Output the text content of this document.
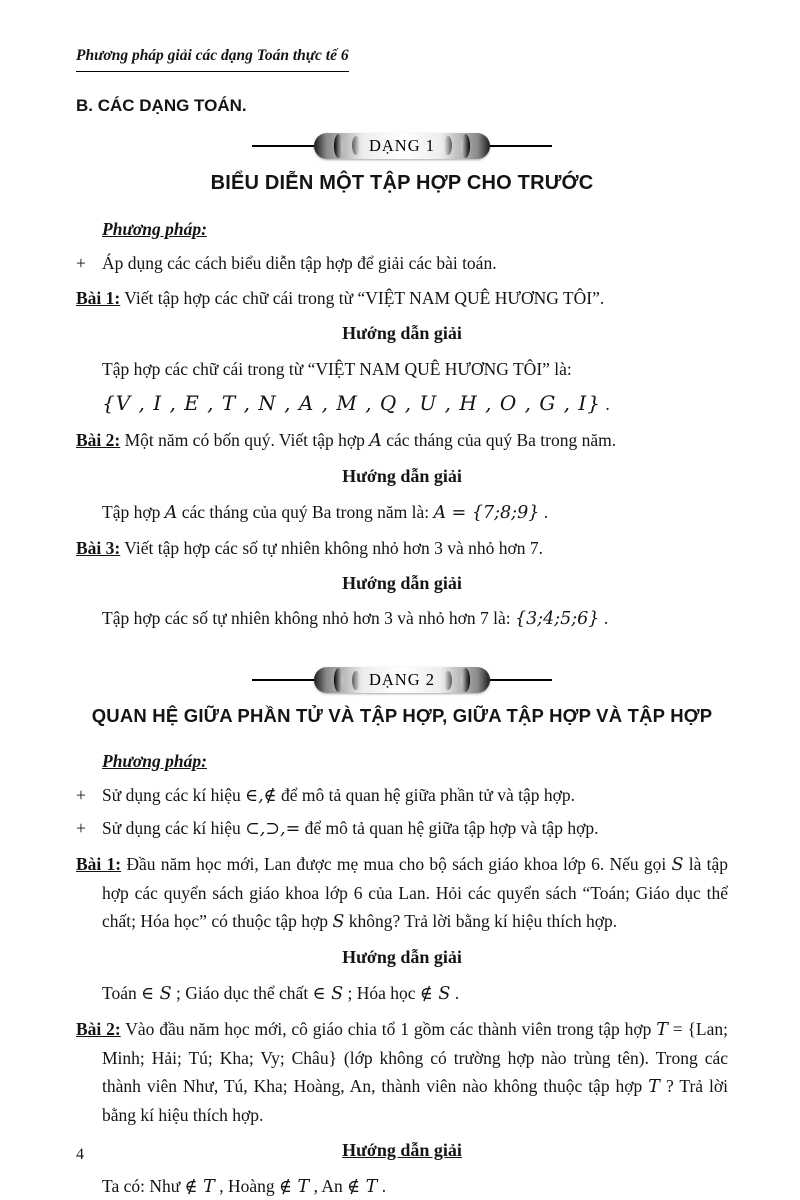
Phương pháp giải các dạng Toán thực tế 6
B. CÁC DẠNG TOÁN.
DẠNG 1
BIỂU DIỄN MỘT TẬP HỢP CHO TRƯỚC
Phương pháp:
+ Áp dụng các cách biểu diễn tập hợp để giải các bài toán.
Bài 1: Viết tập hợp các chữ cái trong từ “VIỆT NAM QUÊ HƯƠNG TÔI”.
Hướng dẫn giải
Tập hợp các chữ cái trong từ “VIỆT NAM QUÊ HƯƠNG TÔI” là:
{V , I , E , T , N , A , M , Q , U , H , O , G , I} .
Bài 2: Một năm có bốn quý. Viết tập hợp A các tháng của quý Ba trong năm.
Hướng dẫn giải
Tập hợp A các tháng của quý Ba trong năm là: A = {7;8;9} .
Bài 3: Viết tập hợp các số tự nhiên không nhỏ hơn 3 và nhỏ hơn 7.
Hướng dẫn giải
Tập hợp các số tự nhiên không nhỏ hơn 3 và nhỏ hơn 7 là: {3;4;5;6} .
DẠNG 2
QUAN HỆ GIỮA PHẦN TỬ VÀ TẬP HỢP, GIỮA TẬP HỢP VÀ TẬP HỢP
Phương pháp:
+ Sử dụng các kí hiệu ∈,∉ để mô tả quan hệ giữa phần tử và tập hợp.
+ Sử dụng các kí hiệu ⊂,⊃,= để mô tả quan hệ giữa tập hợp và tập hợp.
Bài 1: Đầu năm học mới, Lan được mẹ mua cho bộ sách giáo khoa lớp 6. Nếu gọi S là tập hợp các quyển sách giáo khoa lớp 6 của Lan. Hỏi các quyển sách “Toán; Giáo dục thể chất; Hóa học” có thuộc tập hợp S không? Trả lời bằng kí hiệu thích hợp.
Hướng dẫn giải
Toán ∈ S ; Giáo dục thể chất ∈ S ; Hóa học ∉ S .
Bài 2: Vào đầu năm học mới, cô giáo chia tổ 1 gồm các thành viên trong tập hợp T = {Lan; Minh; Hải; Tú; Kha; Vy; Châu} (lớp không có trường hợp nào trùng tên). Trong các thành viên Như, Tú, Kha; Hoàng, An, thành viên nào không thuộc tập hợp T ? Trả lời bằng kí hiệu thích hợp.
Hướng dẫn giải
Ta có: Như ∉ T , Hoàng ∉ T , An ∉ T .
4
